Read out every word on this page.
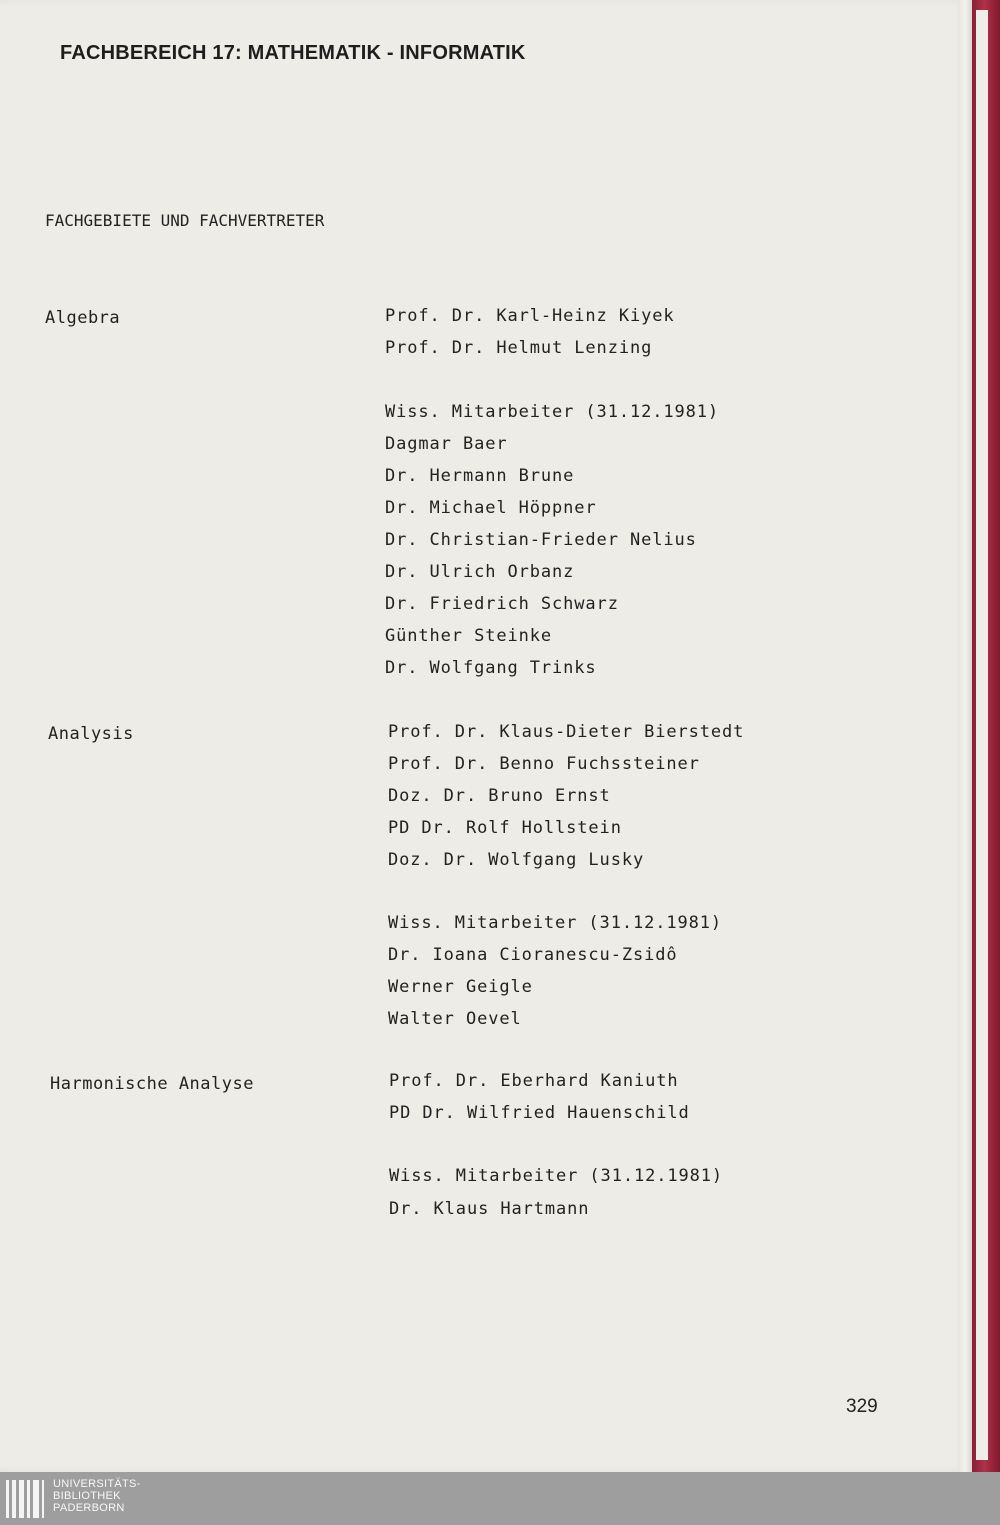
FACHBEREICH 17: MATHEMATIK - INFORMATIK
FACHGEBIETE UND FACHVERTRETER
Algebra	Prof. Dr. Karl-Heinz Kiyek
Prof. Dr. Helmut Lenzing
Wiss. Mitarbeiter (31.12.1981)
Dagmar Baer
Dr. Hermann Brune
Dr. Michael Höppner
Dr. Christian-Frieder Nelius
Dr. Ulrich Orbanz
Dr. Friedrich Schwarz
Günther Steinke
Dr. Wolfgang Trinks
Analysis	Prof. Dr. Klaus-Dieter Bierstedt
Prof. Dr. Benno Fuchssteiner
Doz. Dr. Bruno Ernst
PD Dr. Rolf Hollstein
Doz. Dr. Wolfgang Lusky
Wiss. Mitarbeiter (31.12.1981)
Dr. Ioana Cioranescu-Zsidô
Werner Geigle
Walter Oevel
Harmonische Analyse	Prof. Dr. Eberhard Kaniuth
PD Dr. Wilfried Hauenschild
Wiss. Mitarbeiter (31.12.1981)
Dr. Klaus Hartmann
329
UNIVERSITÄTS-
BIBLIOTHEK
PADERBORN
